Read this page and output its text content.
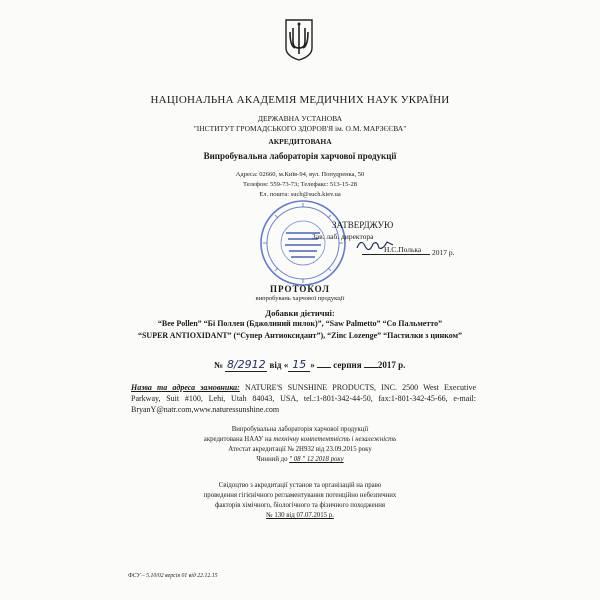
НАЦІОНАЛЬНА АКАДЕМІЯ МЕДИЧНИХ НАУК УКРАЇНИ
ДЕРЖАВНА УСТАНОВА
"ІНСТИТУТ ГРОМАДСЬКОГО ЗДОРОВ'Я ім. О.М. МАРЗЄЄВА"
АКРЕДИТОВАНА
Випробувальна лабораторія харчової продукції
Адреса: 02660, м.Київ-94, вул. Попудренка, 50
Телефон: 559-73-73; Телефакс: 513-15-28
Ел. пошта: such@such.kiev.ua
ЗАТВЕРДЖУЮ
Зав. лаб. директора
Н.С.Полька 2017 р.
ПРОТОКОЛ
випробувань харчової продукції
Добавки дієтичні:
“Bee Pollen” “Бі Поллен (Бджолиний пилок)”, “Saw Palmetto” “Со Пальметто”
“SUPER ANTIOXIDANT” (“Супер Антиоксидант”), “Zinc Lozenge” “Пастилки з цинком”
№ 8/2912 від « 15 » серпня 2017 р.
Назва та адреса замовника: NATURE'S SUNSHINE PRODUCTS, INC. 2500 West Executive Parkway, Suit #100, Lehi, Utah 84043, USA, tel.:1-801-342-44-50, fax:1-801-342-45-66, e-mail: BryanY@natr.com,www.naturessunshine.com
Випробувальна лабораторія харчової продукції
акредитована НААУ на технічну компетентність і незалежність
Атестат акредитації № 2Н932 від 23.09.2015 року
Чинний до " 08 " 12 2018 року
Свідоцтво з акредитації установ та організацій на право
проведення гігієнічного регламентування потенційно небезпечних
факторів хімічного, біологічного та фізичного походження
№ 130 від 07.07.2015 р.
ФСУ – 5.10/02 версія 01 від 22.12.15
